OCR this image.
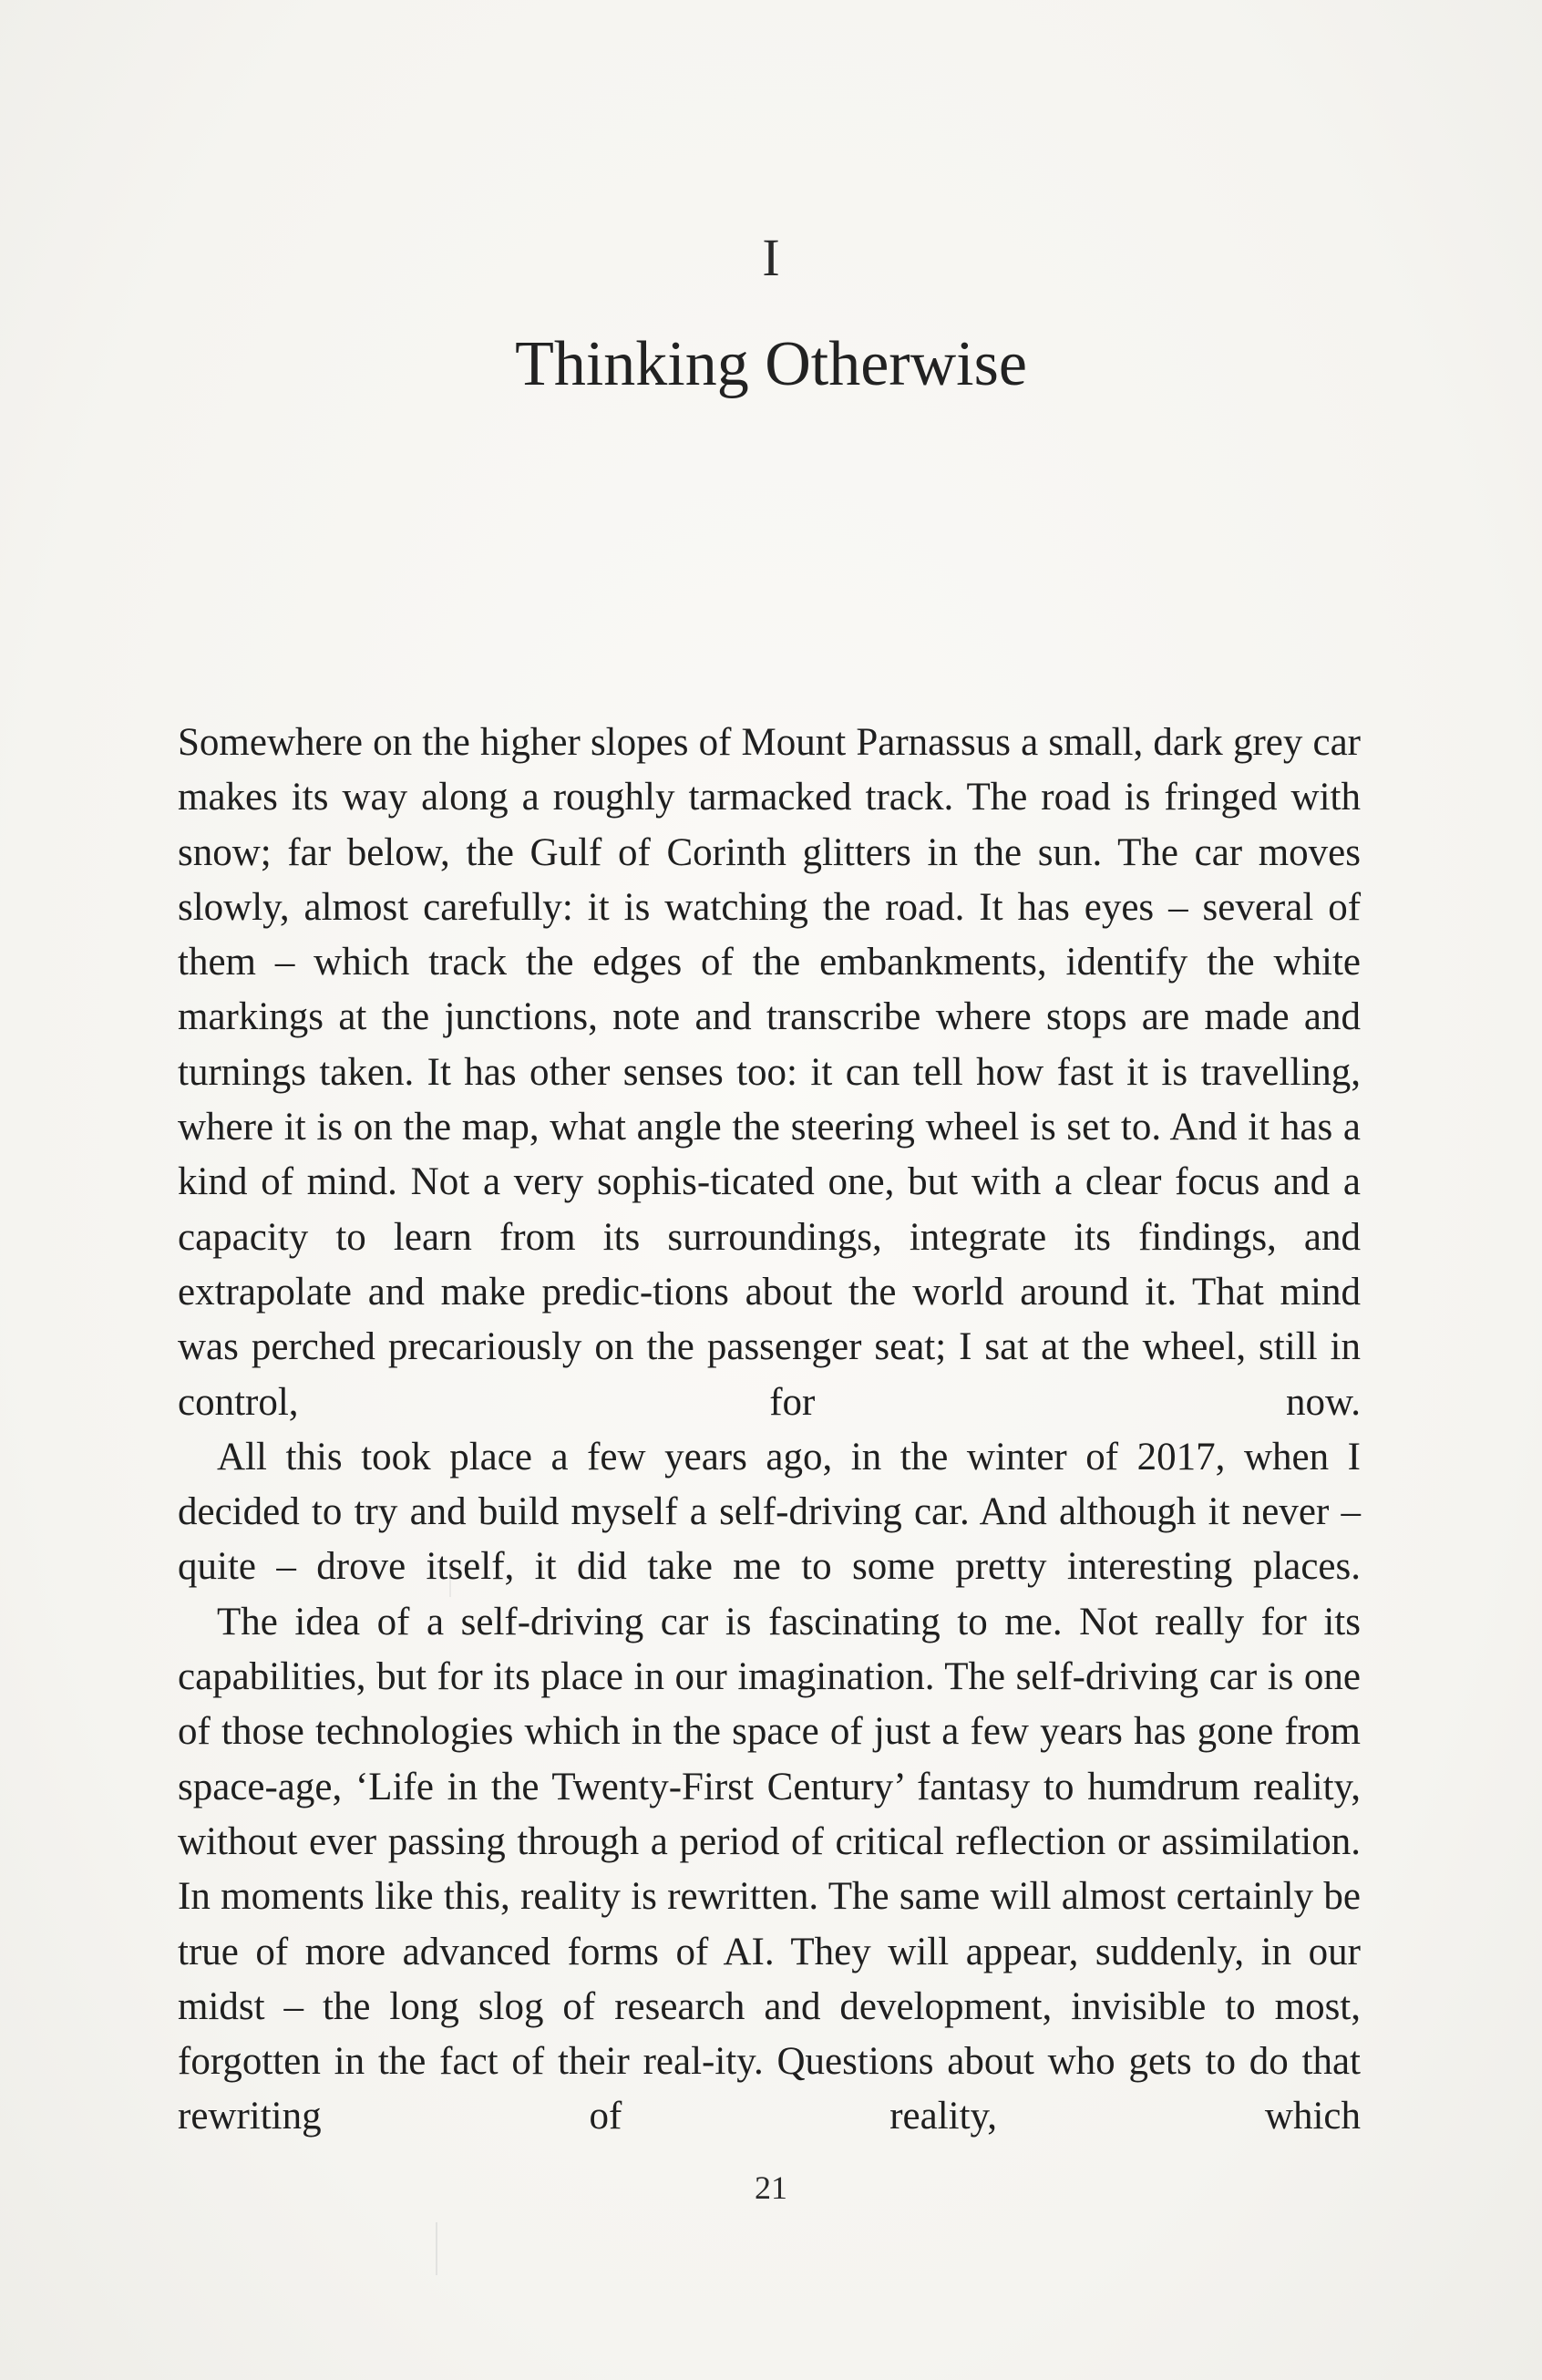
I
Thinking Otherwise

Somewhere on the higher slopes of Mount Parnassus a small, dark grey car makes its way along a roughly tarmacked track. The road is fringed with snow; far below, the Gulf of Corinth glitters in the sun. The car moves slowly, almost carefully: it is watching the road. It has eyes – several of them – which track the edges of the embankments, identify the white markings at the junctions, note and transcribe where stops are made and turnings taken. It has other senses too: it can tell how fast it is travelling, where it is on the map, what angle the steering wheel is set to. And it has a kind of mind. Not a very sophis-ticated one, but with a clear focus and a capacity to learn from its surroundings, integrate its findings, and extrapolate and make predic-tions about the world around it. That mind was perched precariously on the passenger seat; I sat at the wheel, still in control, for now.

All this took place a few years ago, in the winter of 2017, when I decided to try and build myself a self-driving car. And although it never – quite – drove itself, it did take me to some pretty interesting places.

The idea of a self-driving car is fascinating to me. Not really for its capabilities, but for its place in our imagination. The self-driving car is one of those technologies which in the space of just a few years has gone from space-age, ‘Life in the Twenty-First Century’ fantasy to humdrum reality, without ever passing through a period of critical reflection or assimilation. In moments like this, reality is rewritten. The same will almost certainly be true of more advanced forms of AI. They will appear, suddenly, in our midst – the long slog of research and development, invisible to most, forgotten in the fact of their real-ity. Questions about who gets to do that rewriting of reality, which

21
